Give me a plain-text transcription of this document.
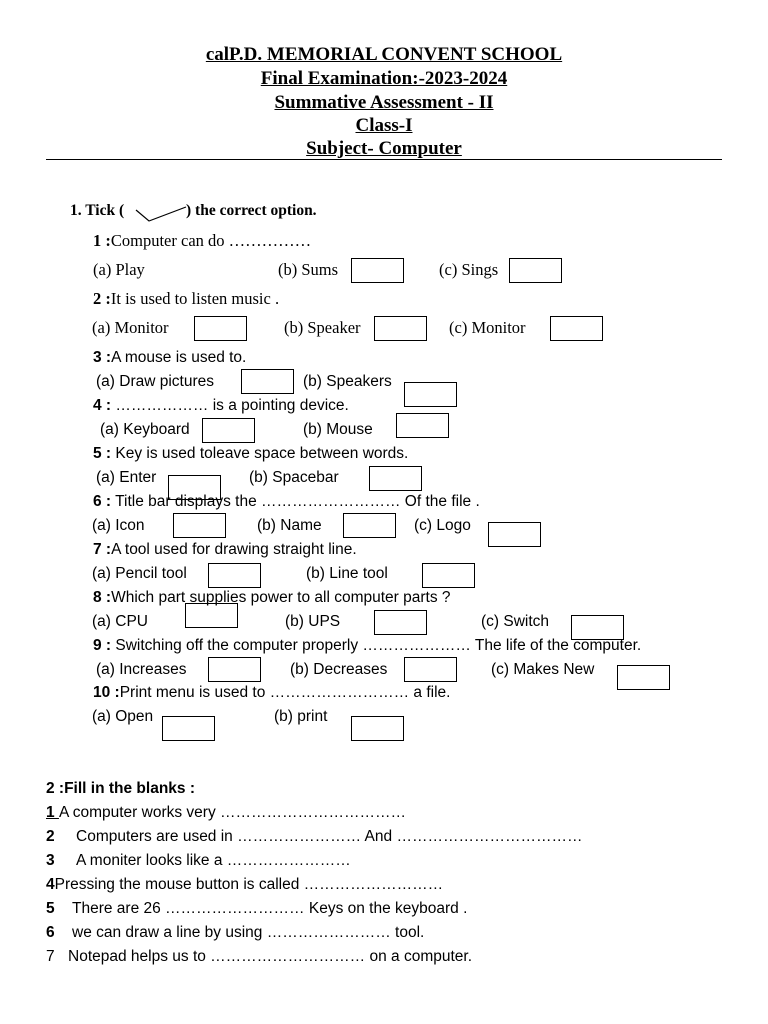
calP.D. MEMORIAL CONVENT SCHOOL
Final Examination:-2023-2024
Summative Assessment - II
Class-I
Subject- Computer
1. Tick (	) the correct option.
1 :Computer can do ……………
(a) Play	(b) Sums	(c) Sings
2 :It is used to listen music .
(a) Monitor	(b) Speaker	(c) Monitor
3 :A mouse is used to.
(a) Draw pictures	(b) Speakers
4 : ……………… is a pointing device.
(a) Keyboard	(b) Mouse
5 : Key is used toleave space between words.
(a) Enter	(b) Spacebar
6 : Title bar displays the ……………………… Of the file .
(a) Icon	(b) Name	(c) Logo
7 :A tool used for drawing straight line.
(a) Pencil tool	(b) Line tool
8 :Which part supplies power to all computer parts ?
(a) CPU	(b) UPS	(c) Switch
9 : Switching off the computer properly ………………… The life of the computer.
(a) Increases	(b) Decreases	(c) Makes New
10 :Print menu is used to ……………………… a file.
(a) Open	(b) print
2 :Fill in the blanks :
1 A computer works very ………………………………
2 Computers are used in …………………… And ………………………………
3 A moniter looks like a ……………………
4Pressing the mouse button is called ………………………
5 There are 26 ……………………… Keys on the keyboard .
6 we can draw a line by using …………………… tool.
7 Notepad helps us to ………………………… on a computer.
